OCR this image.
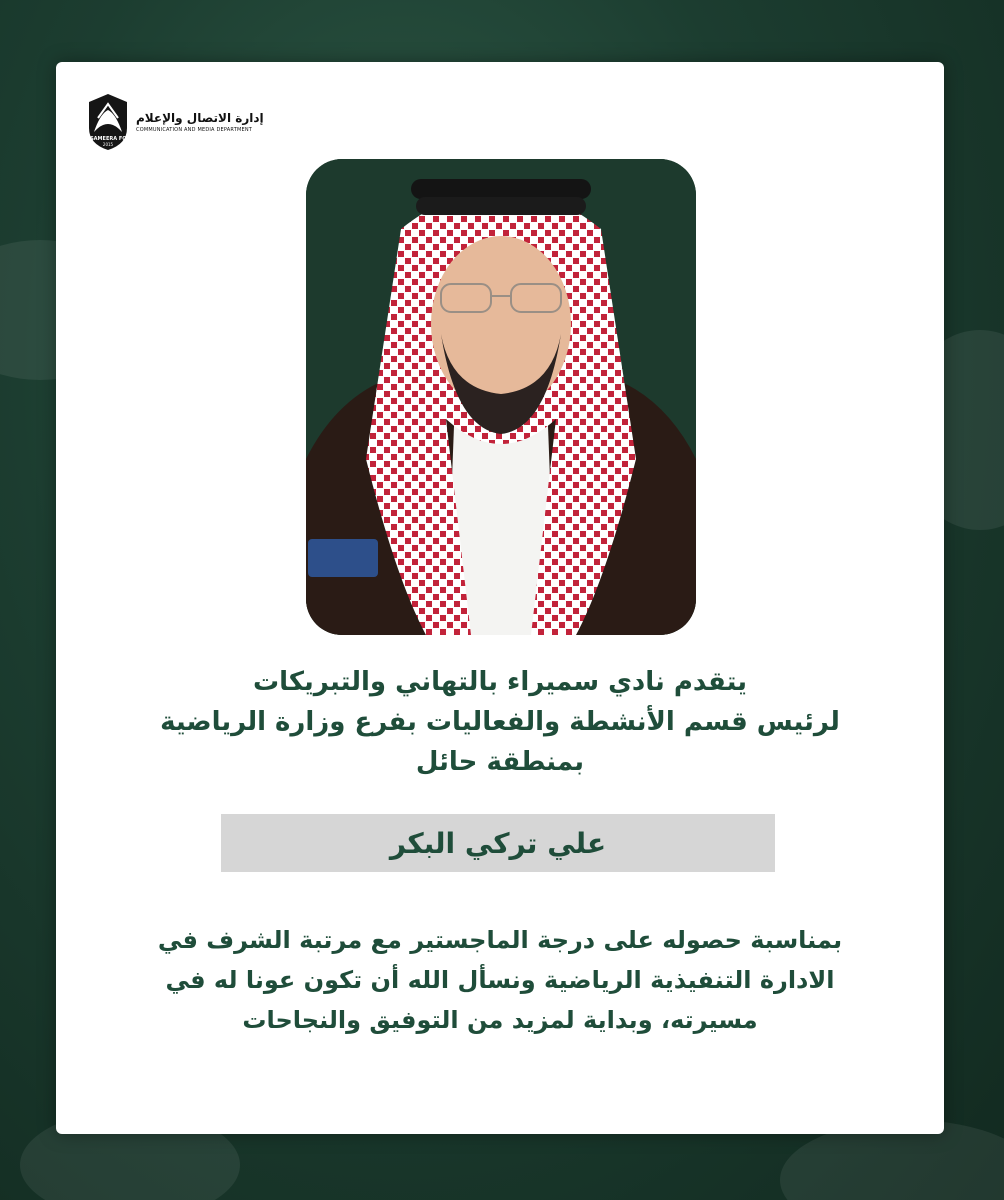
SAMEERA FC
2015
إدارة الاتصال والإعلام
COMMUNICATION AND MEDIA DEPARTMENT
يتقدم نادي سميراء بالتهاني والتبريكات
لرئيس قسم الأنشطة والفعاليات بفرع وزارة الرياضية
بمنطقة حائل
علي تركي البكر
بمناسبة حصوله على درجة الماجستير مع مرتبة الشرف في
الادارة التنفيذية الرياضية ونسأل الله أن تكون عونا له في
مسيرته، وبداية لمزيد من التوفيق والنجاحات
